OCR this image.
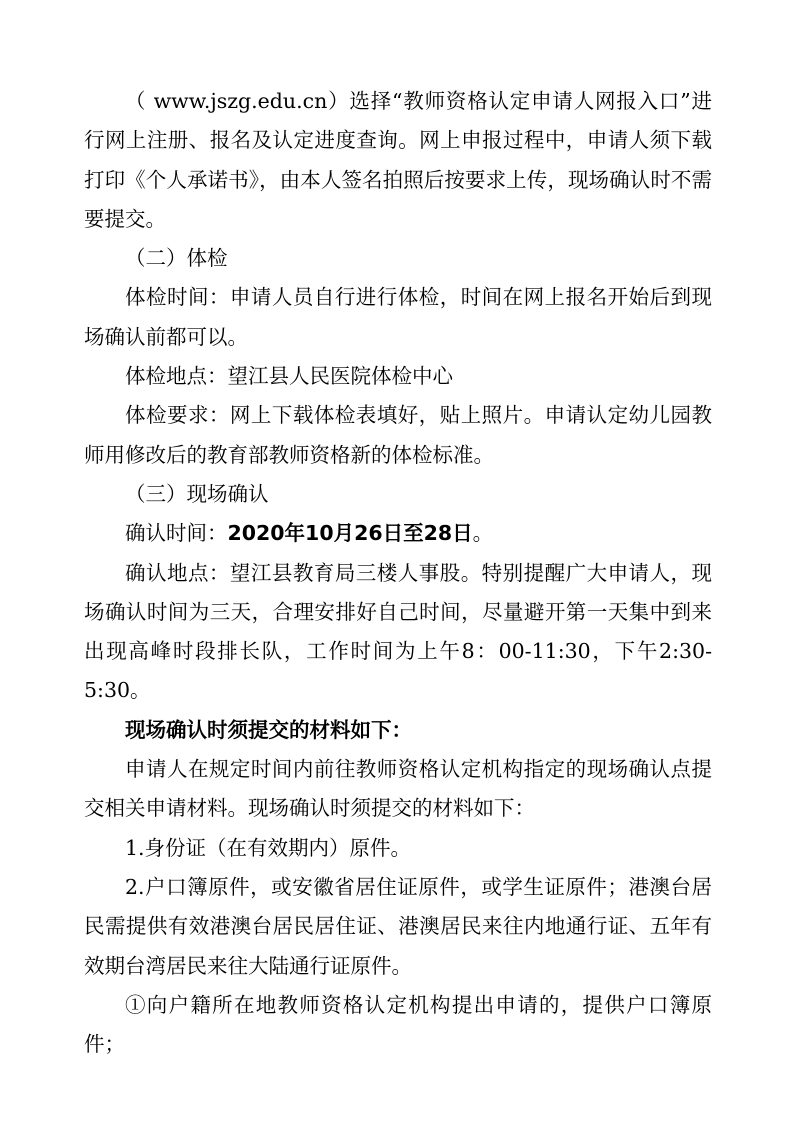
（ www.jszg.edu.cn）选择“教师资格认定申请人网报入口”进行网上注册、报名及认定进度查询。网上申报过程中，申请人须下载打印《个人承诺书》，由本人签名拍照后按要求上传，现场确认时不需要提交。

（二）体检

体检时间：申请人员自行进行体检，时间在网上报名开始后到现场确认前都可以。

体检地点：望江县人民医院体检中心

体检要求：网上下载体检表填好，贴上照片。申请认定幼儿园教师用修改后的教育部教师资格新的体检标准。

（三）现场确认

确认时间：2020年10月26日至28日。

确认地点：望江县教育局三楼人事股。特别提醒广大申请人，现场确认时间为三天，合理安排好自己时间，尽量避开第一天集中到来出现高峰时段排长队，工作时间为上午8：00-11:30，下午2:30-5:30。

现场确认时须提交的材料如下：

申请人在规定时间内前往教师资格认定机构指定的现场确认点提交相关申请材料。现场确认时须提交的材料如下：

1.身份证（在有效期内）原件。

2.户口簿原件，或安徽省居住证原件，或学生证原件；港澳台居民需提供有效港澳台居民居住证、港澳居民来往内地通行证、五年有效期台湾居民来往大陆通行证原件。

①向户籍所在地教师资格认定机构提出申请的，提供户口簿原件；
